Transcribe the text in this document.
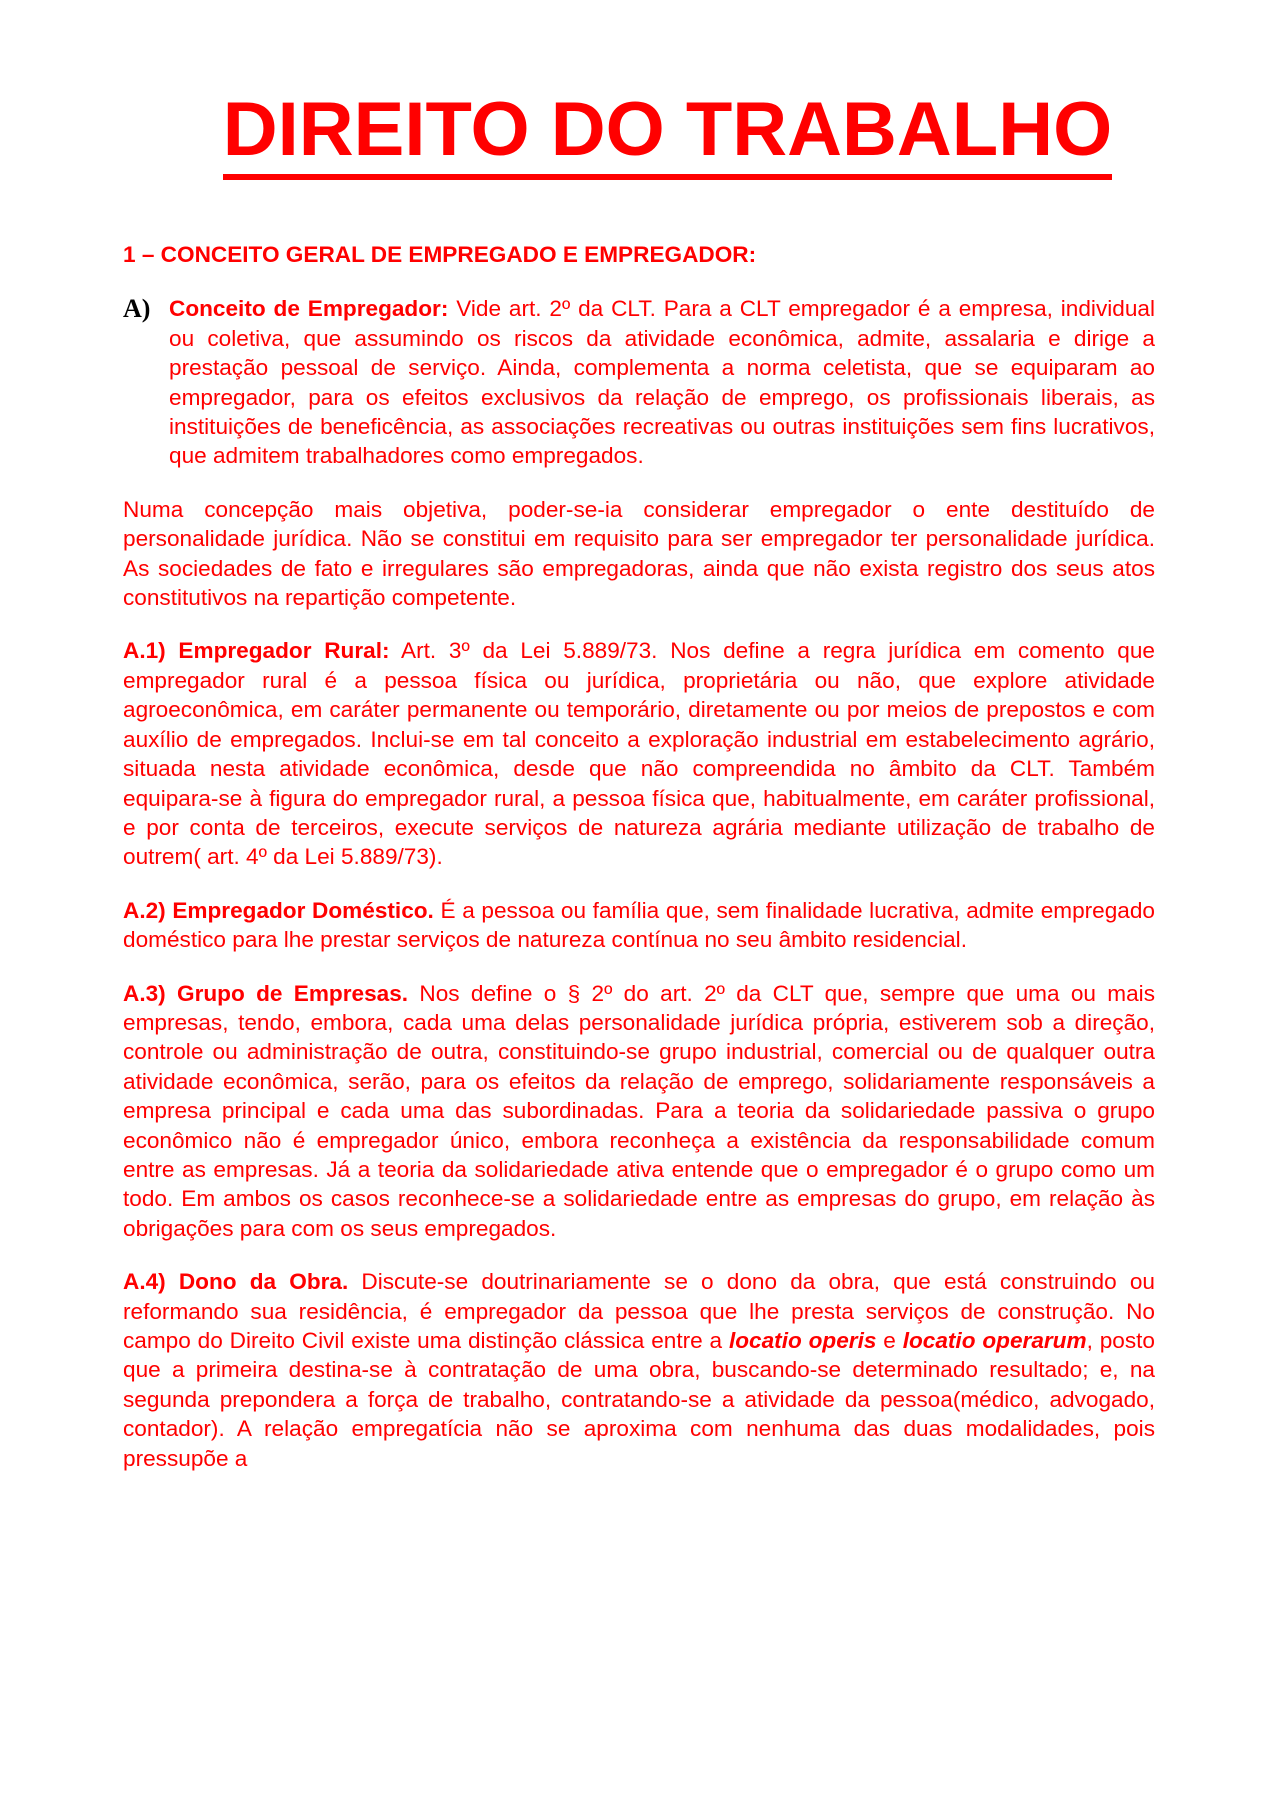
DIREITO DO TRABALHO
1 – CONCEITO GERAL DE EMPREGADO E EMPREGADOR:
A) Conceito de Empregador: Vide art. 2º da CLT. Para a CLT empregador é a empresa, individual ou coletiva, que assumindo os riscos da atividade econômica, admite, assalaria e dirige a prestação pessoal de serviço. Ainda, complementa a norma celetista, que se equiparam ao empregador, para os efeitos exclusivos da relação de emprego, os profissionais liberais, as instituições de beneficência, as associações recreativas ou outras instituições sem fins lucrativos, que admitem trabalhadores como empregados.

Numa concepção mais objetiva, poder-se-ia considerar empregador o ente destituído de personalidade jurídica. Não se constitui em requisito para ser empregador ter personalidade jurídica. As sociedades de fato e irregulares são empregadoras, ainda que não exista registro dos seus atos constitutivos na repartição competente.

A.1) Empregador Rural: Art. 3º da Lei 5.889/73. Nos define a regra jurídica em comento que empregador rural é a pessoa física ou jurídica, proprietária ou não, que explore atividade agroeconômica, em caráter permanente ou temporário, diretamente ou por meios de prepostos e com auxílio de empregados. Inclui-se em tal conceito a exploração industrial em estabelecimento agrário, situada nesta atividade econômica, desde que não compreendida no âmbito da CLT. Também equipara-se à figura do empregador rural, a pessoa física que, habitualmente, em caráter profissional, e por conta de terceiros, execute serviços de natureza agrária mediante utilização de trabalho de outrem( art. 4º da Lei 5.889/73).

A.2) Empregador Doméstico. É a pessoa ou família que, sem finalidade lucrativa, admite empregado doméstico para lhe prestar serviços de natureza contínua no seu âmbito residencial.

A.3) Grupo de Empresas. Nos define o § 2º do art. 2º da CLT que, sempre que uma ou mais empresas, tendo, embora, cada uma delas personalidade jurídica própria, estiverem sob a direção, controle ou administração de outra, constituindo-se grupo industrial, comercial ou de qualquer outra atividade econômica, serão, para os efeitos da relação de emprego, solidariamente responsáveis a empresa principal e cada uma das subordinadas. Para a teoria da solidariedade passiva o grupo econômico não é empregador único, embora reconheça a existência da responsabilidade comum entre as empresas. Já a teoria da solidariedade ativa entende que o empregador é o grupo como um todo. Em ambos os casos reconhece-se a solidariedade entre as empresas do grupo, em relação às obrigações para com os seus empregados.

A.4) Dono da Obra. Discute-se doutrinariamente se o dono da obra, que está construindo ou reformando sua residência, é empregador da pessoa que lhe presta serviços de construção. No campo do Direito Civil existe uma distinção clássica entre a locatio operis e locatio operarum, posto que a primeira destina-se à contratação de uma obra, buscando-se determinado resultado; e, na segunda prepondera a força de trabalho, contratando-se a atividade da pessoa(médico, advogado, contador). A relação empregatícia não se aproxima com nenhuma das duas modalidades, pois pressupõe a
